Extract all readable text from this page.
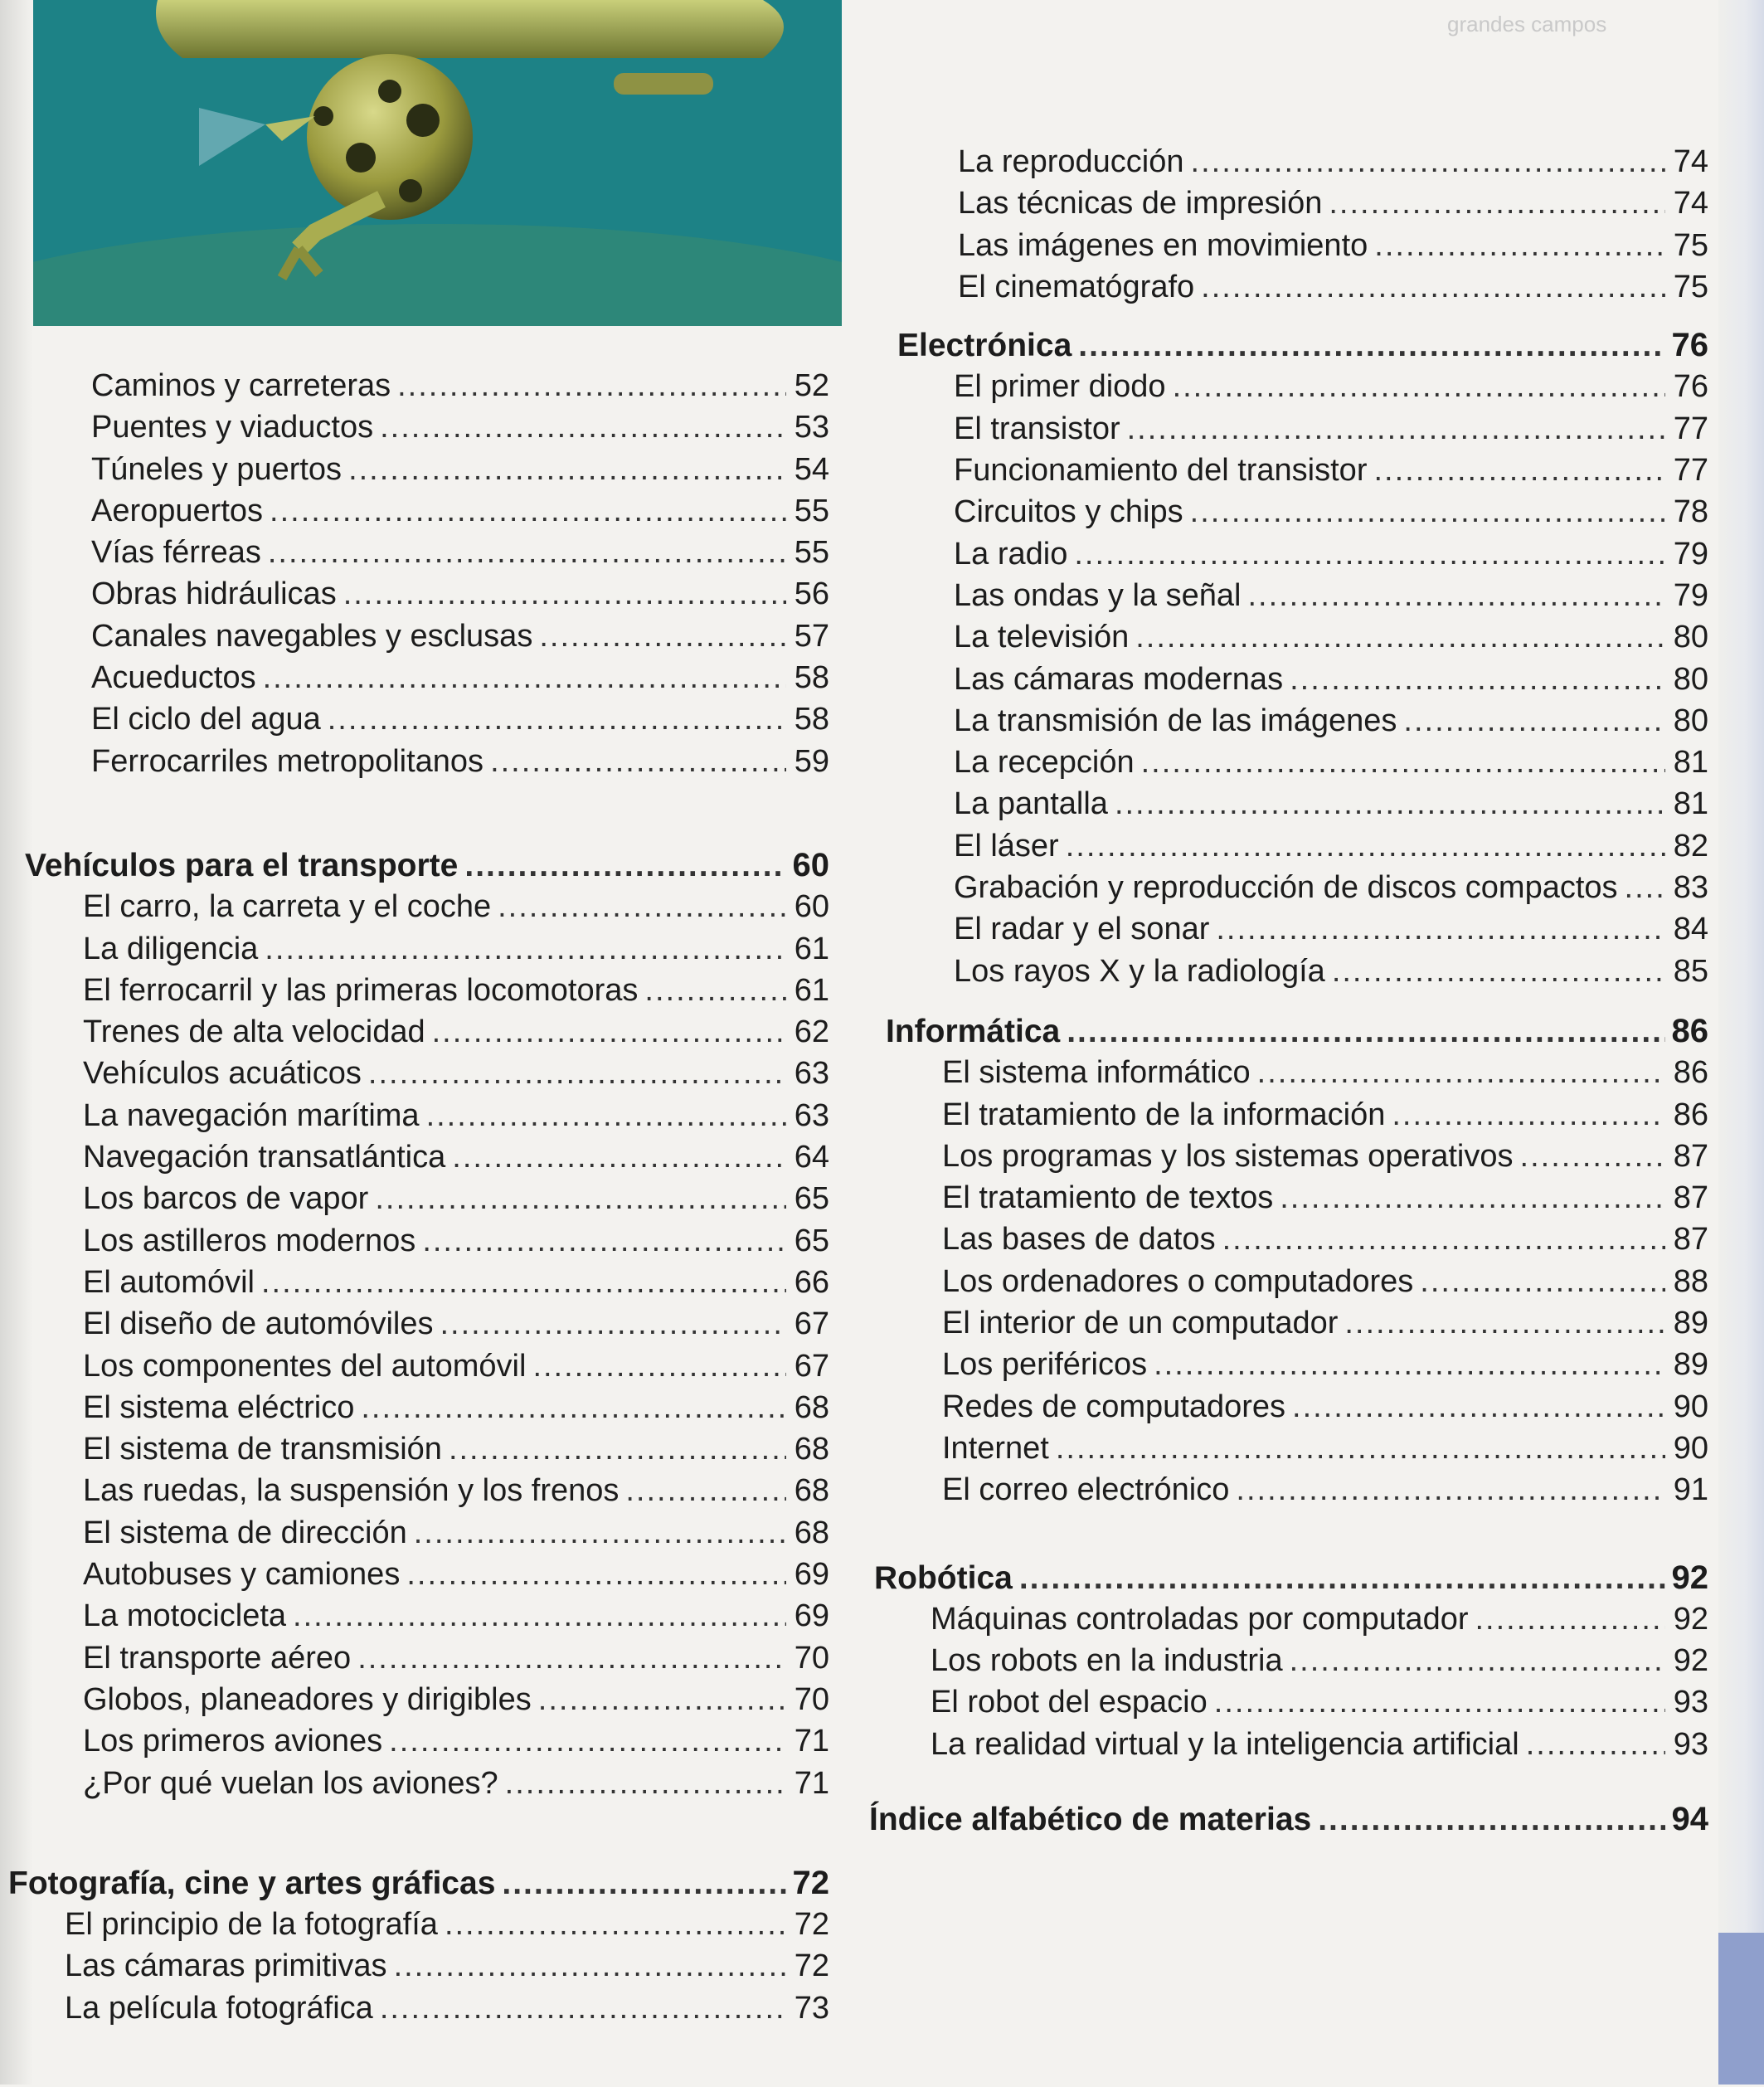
grandes campos
Caminos y carreteras .....	52
Puentes y viaductos .....	53
Túneles y puertos .....	54
Aeropuertos .....	55
Vías férreas .....	55
Obras hidráulicas .....	56
Canales navegables y esclusas .....	57
Acueductos .....	58
El ciclo del agua .....	58
Ferrocarriles metropolitanos .....	59
Vehículos para el transporte .....	60
El carro, la carreta y el coche .....	60
La diligencia .....	61
El ferrocarril y las primeras locomotoras .....	61
Trenes de alta velocidad .....	62
Vehículos acuáticos .....	63
La navegación marítima .....	63
Navegación transatlántica .....	64
Los barcos de vapor .....	65
Los astilleros modernos .....	65
El automóvil .....	66
El diseño de automóviles .....	67
Los componentes del automóvil .....	67
El sistema eléctrico .....	68
El sistema de transmisión .....	68
Las ruedas, la suspensión y los frenos .....	68
El sistema de dirección .....	68
Autobuses y camiones .....	69
La motocicleta .....	69
El transporte aéreo .....	70
Globos, planeadores y dirigibles .....	70
Los primeros aviones .....	71
¿Por qué vuelan los aviones? .....	71
Fotografía, cine y artes gráficas .....	72
El principio de la fotografía .....	72
Las cámaras primitivas .....	72
La película fotográfica .....	73
La reproducción .....	74
Las técnicas de impresión .....	74
Las imágenes en movimiento .....	75
El cinematógrafo .....	75
Electrónica .....	76
El primer diodo .....	76
El transistor .....	77
Funcionamiento del transistor .....	77
Circuitos y chips .....	78
La radio .....	79
Las ondas y la señal .....	79
La televisión .....	80
Las cámaras modernas .....	80
La transmisión de las imágenes .....	80
La recepción .....	81
La pantalla .....	81
El láser .....	82
Grabación y reproducción de discos compactos ..... 83
El radar y el sonar .....	84
Los rayos X y la radiología .....	85
Informática .....	86
El sistema informático .....	86
El tratamiento de la información .....	86
Los programas y los sistemas operativos .....	87
El tratamiento de textos .....	87
Las bases de datos .....	87
Los ordenadores o computadores .....	88
El interior de un computador .....	89
Los periféricos .....	89
Redes de computadores .....	90
Internet .....	90
El correo electrónico .....	91
Robótica .....	92
Máquinas controladas por computador .....	92
Los robots en la industria .....	92
El robot del espacio .....	93
La realidad virtual y la inteligencia artificial .....	93
Índice alfabético de materias .....	94
